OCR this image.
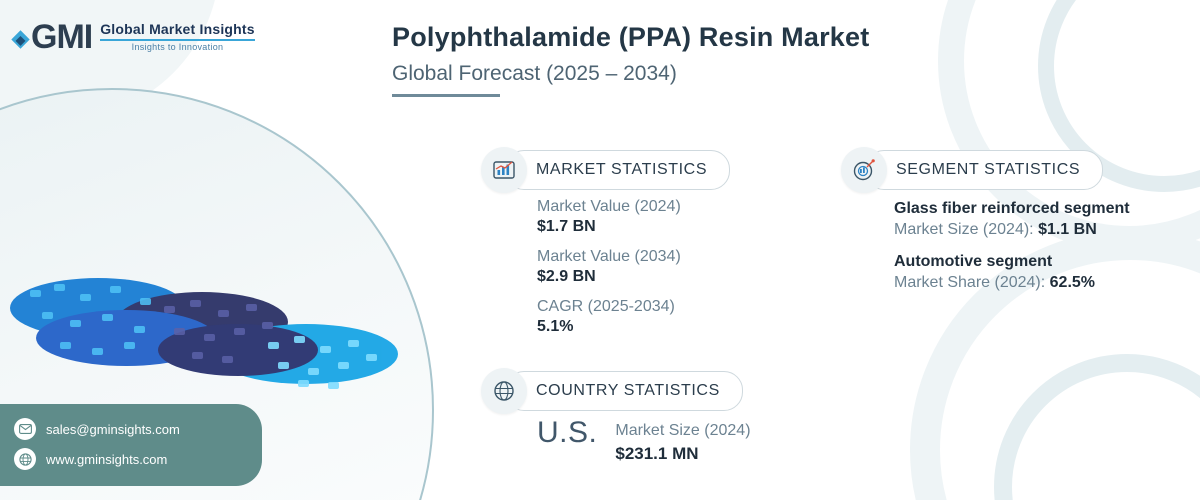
GMI Global Market Insights
Insights to Innovation	Polyphthalamide (PPA) Resin Market
Global Forecast (2025 – 2034)
MARKET STATISTICS
Market Value (2024)
$1.7 BN
Market Value (2034)
$2.9 BN
CAGR (2025-2034)
5.1%
SEGMENT STATISTICS
Glass fiber reinforced segment
Market Size (2024): $1.1 BN
Automotive segment
Market Share (2024): 62.5%
COUNTRY STATISTICS
U.S. Market Size (2024)
$231.1 MN
sales@gminsights.com
www.gminsights.com
